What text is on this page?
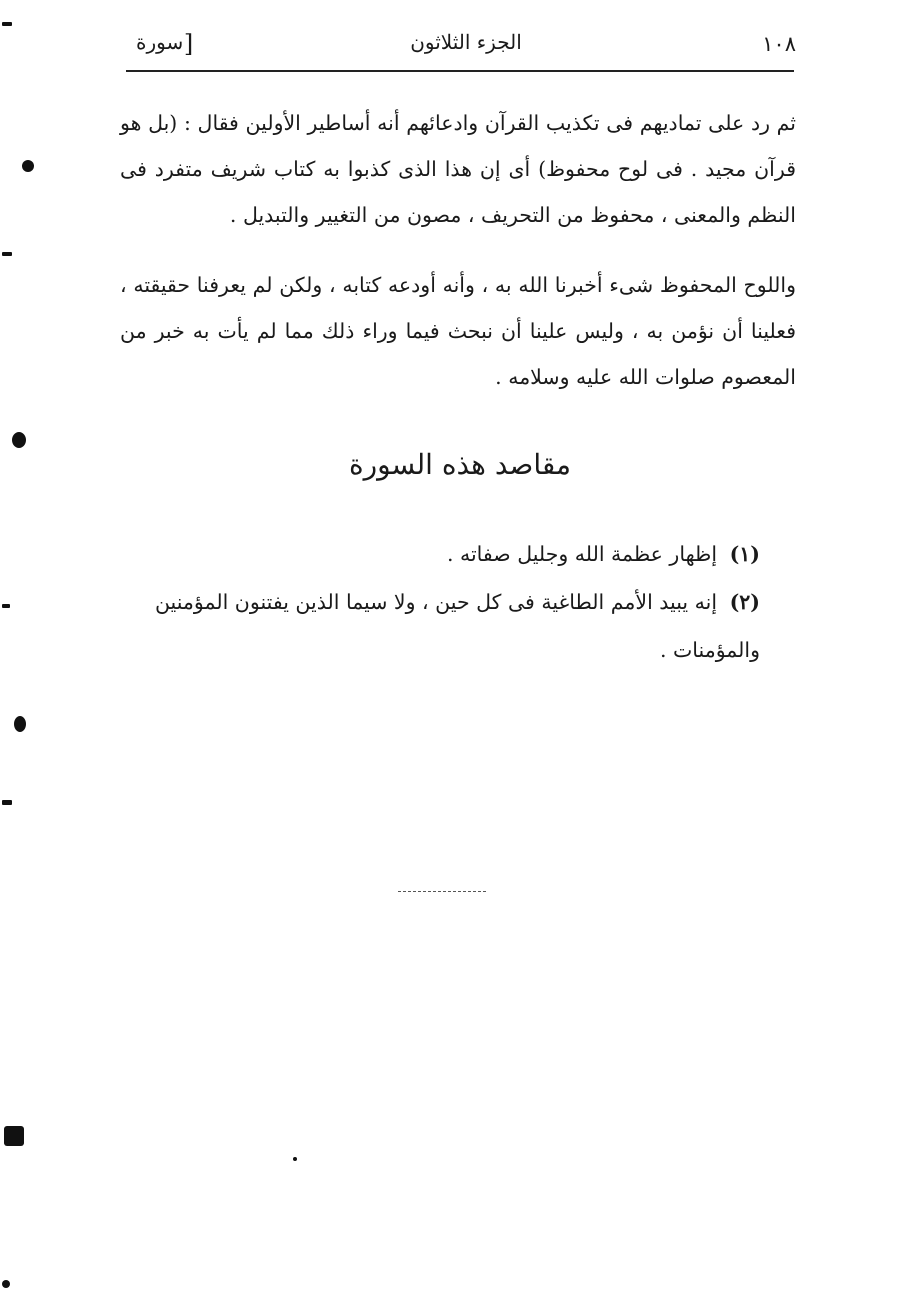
١٠٨
الجزء الثلاثون
[
سورة
ثم رد على تماديهم فى تكذيب القرآن وادعائهم أنه أساطير الأولين فقال : (بل هو قرآن مجيد . فى لوح محفوظ) أى إن هذا الذى كذبوا به كتاب شريف متفرد فى النظم والمعنى ، محفوظ من التحريف ، مصون من التغيير والتبديل .
واللوح المحفوظ شىء أخبرنا الله به ، وأنه أودعه كتابه ، ولكن لم يعرفنا حقيقته ، فعلينا أن نؤمن به ، وليس علينا أن نبحث فيما وراء ذلك مما لم يأت به خبر من المعصوم صلوات الله عليه وسلامه .
مقاصد هذه السورة
(١) إظهار عظمة الله وجليل صفاته .
(٢) إنه يبيد الأمم الطاغية فى كل حين ، ولا سيما الذين يفتنون المؤمنين والمؤمنات .
